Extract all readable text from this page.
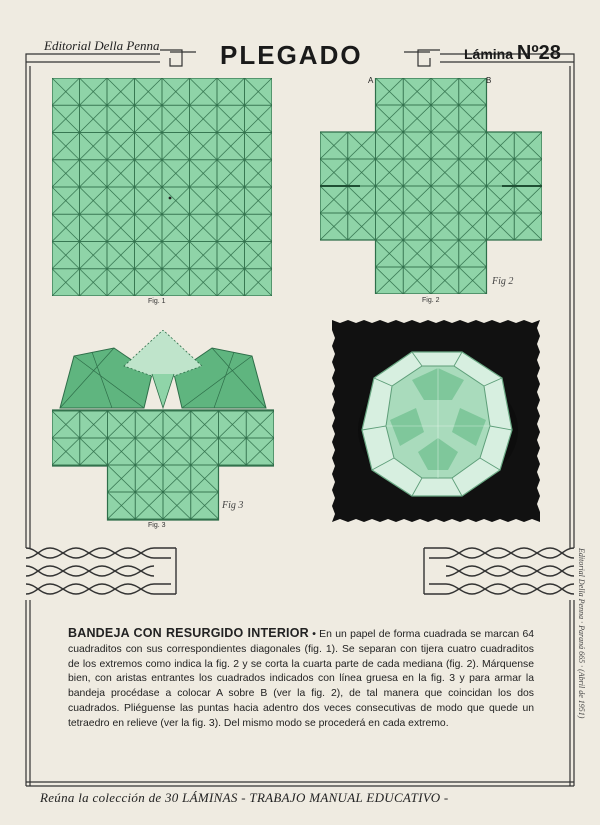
Editorial Della Penna PLEGADO	Lámina Nº28
Fig. 1
A	B
Fig 2
Fig. 2
Fig 3
Fig. 3
BANDEJA CON RESURGIDO INTERIOR • En un papel de forma cuadrada se marcan 64 cuadraditos con sus correspondientes diagonales (fig. 1). Se separan con tijera cuatro cuadraditos de los extremos como indica la fig. 2 y se corta la cuarta parte de cada mediana (fig. 2). Márquense bien, con aristas entrantes los cuadrados indicados con línea gruesa en la fig. 3 y para armar la bandeja procédase a colocar A sobre B (ver la fig. 2), de tal manera que coincidan los dos cuadrados. Pliéguense las puntas hacia adentro dos veces consecutivas de modo que quede un tetraedro en relieve (ver la fig. 3). Del mismo modo se procederá en cada extremo.
Editorial Della Penna · Paraná 665 · (Abril de 1951)
Reúna la colección de 30 LÁMINAS - TRABAJO MANUAL EDUCATIVO -
